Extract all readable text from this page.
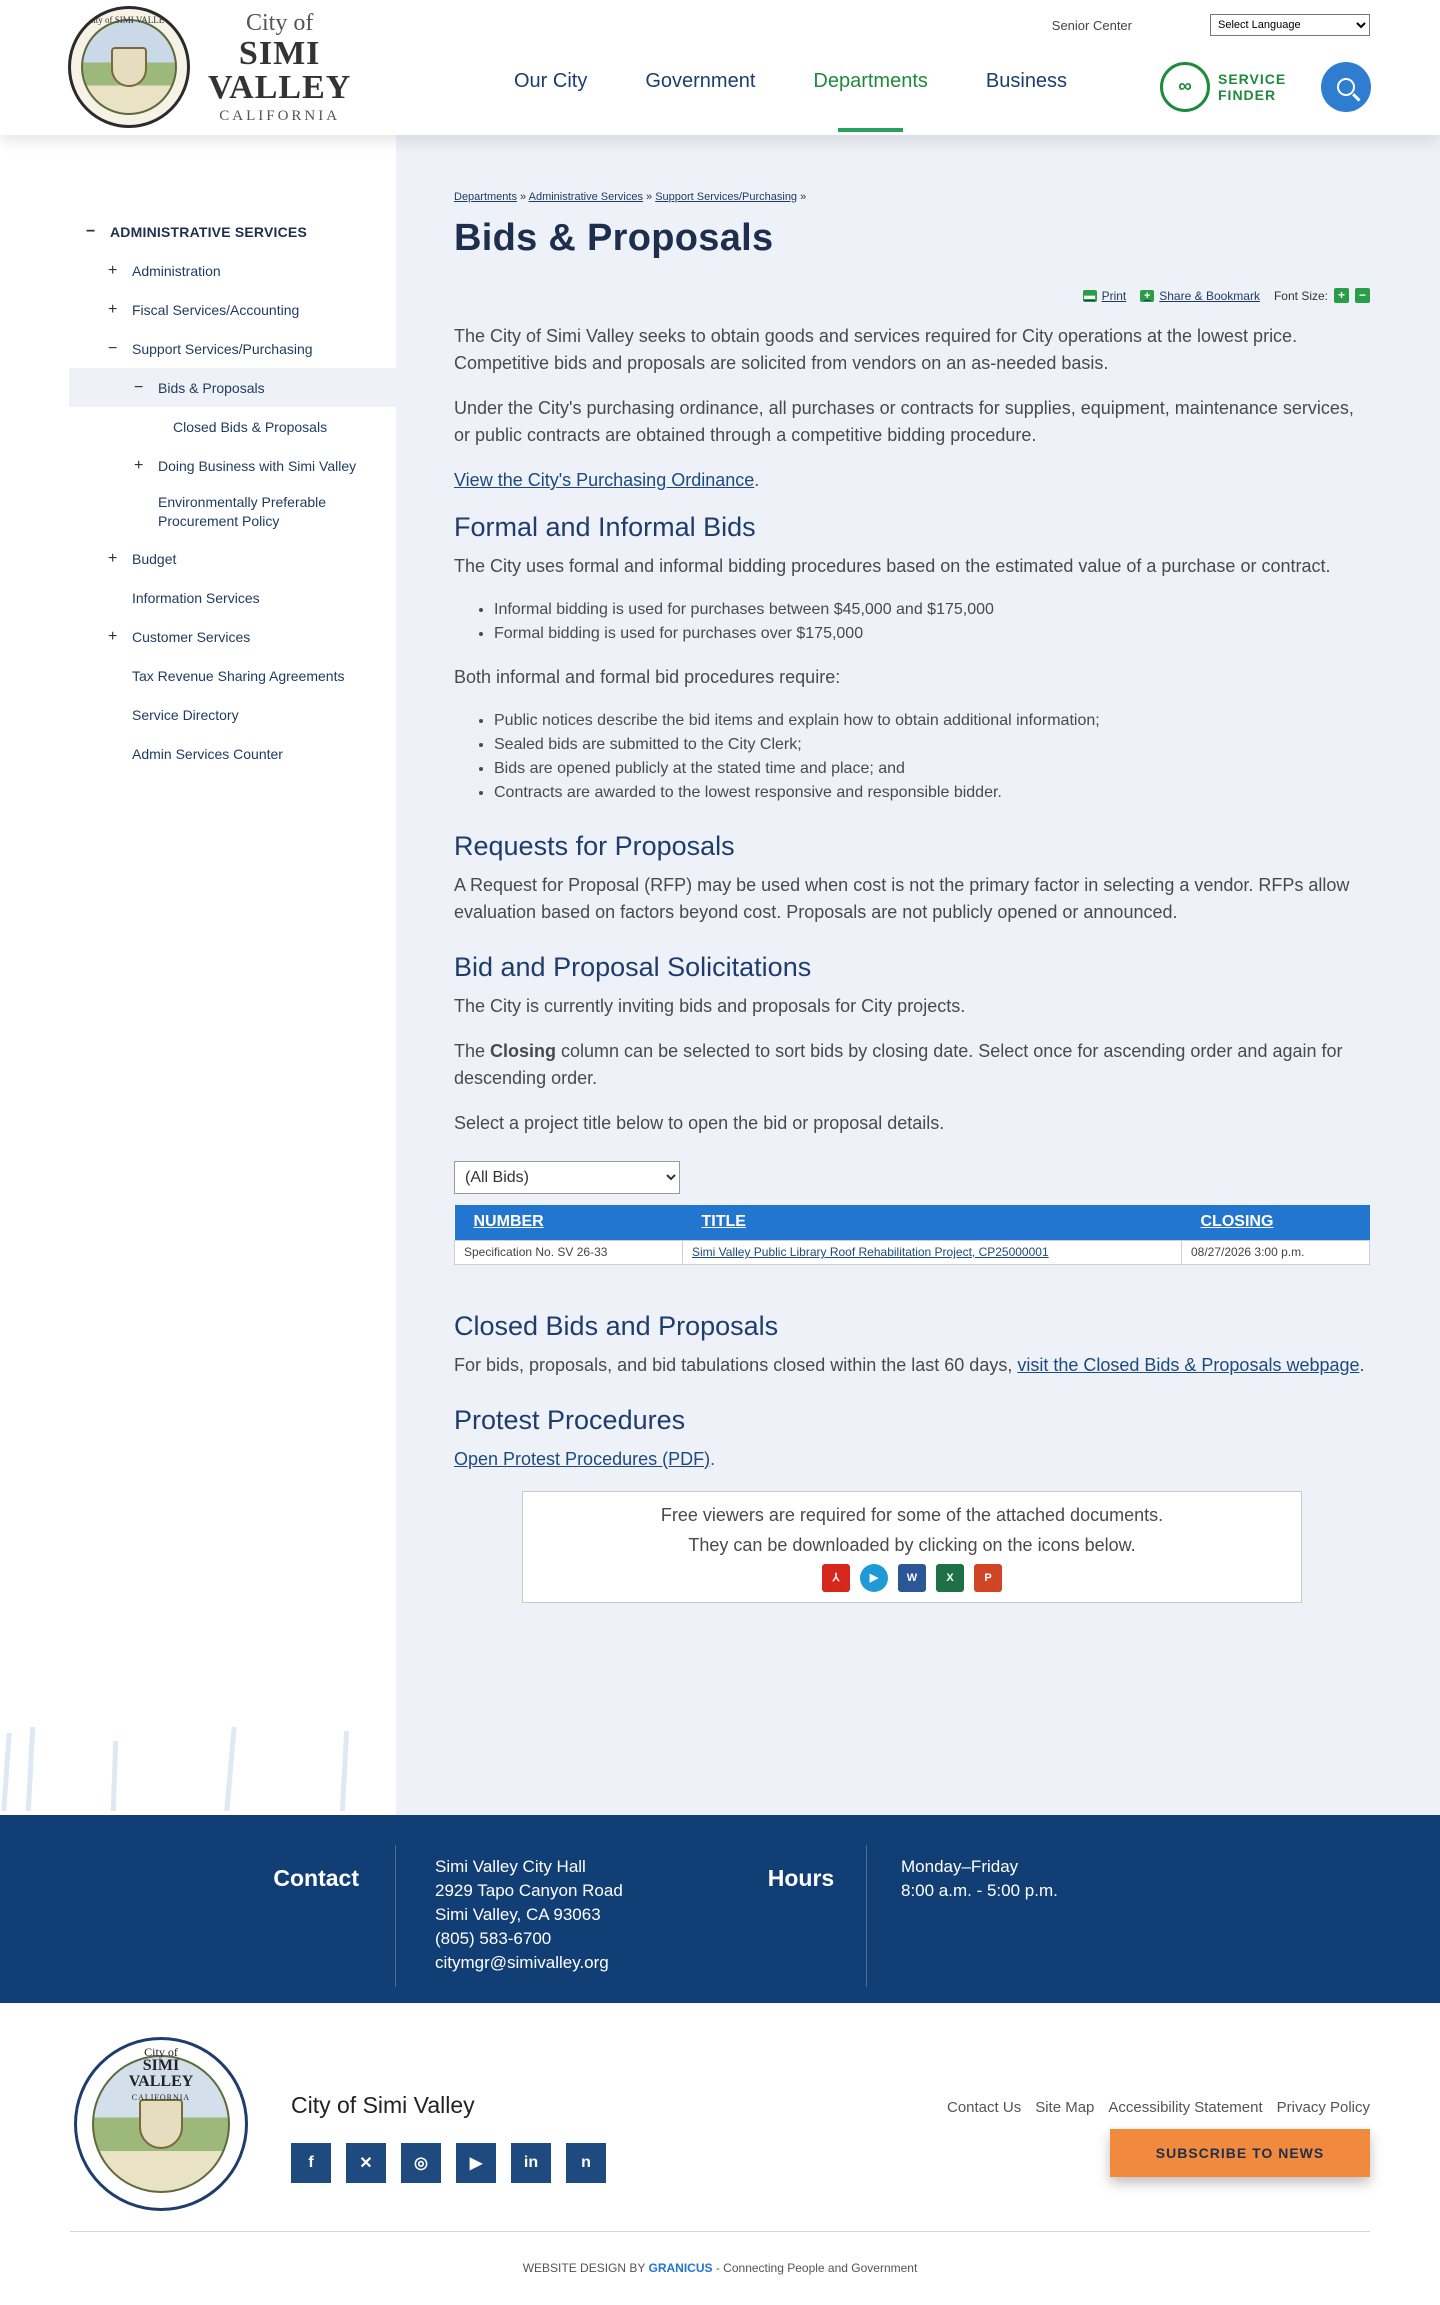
City of SIMI VALLEY	City of
SIMI
VALLEY
CALIFORNIA
Senior Center
Select Language
Our City	Government	Departments	Business	∞	SERVICE
FINDER
−	ADMINISTRATIVE SERVICES
+	Administration
+	Fiscal Services/Accounting
−	Support Services/Purchasing
−	Bids & Proposals
Closed Bids & Proposals
+	Doing Business with Simi Valley
Environmentally Preferable Procurement Policy
+	Budget
Information Services
+	Customer Services
Tax Revenue Sharing Agreements
Service Directory
Admin Services Counter
Departments » Administrative Services » Support Services/Purchasing »
Bids & Proposals
▬ Print	+ Share & Bookmark Font Size: +	−

The City of Simi Valley seeks to obtain goods and services required for City operations at the lowest price. Competitive bids and proposals are solicited from vendors on an as-needed basis.

Under the City's purchasing ordinance, all purchases or contracts for supplies, equipment, maintenance services, or public contracts are obtained through a competitive bidding procedure.

View the City's Purchasing Ordinance.

Formal and Informal Bids

The City uses formal and informal bidding procedures based on the estimated value of a purchase or contract.

• Informal bidding is used for purchases between $45,000 and $175,000
• Formal bidding is used for purchases over $175,000

Both informal and formal bid procedures require:

• Public notices describe the bid items and explain how to obtain additional information;
• Sealed bids are submitted to the City Clerk;
• Bids are opened publicly at the stated time and place; and
• Contracts are awarded to the lowest responsive and responsible bidder.
Requests for Proposals

A Request for Proposal (RFP) may be used when cost is not the primary factor in selecting a vendor. RFPs allow evaluation based on factors beyond cost. Proposals are not publicly opened or announced.

Bid and Proposal Solicitations

The City is currently inviting bids and proposals for City projects.

The Closing column can be selected to sort bids by closing date. Select once for ascending order and again for descending order.

Select a project title below to open the bid or proposal details.

(All Bids)
NUMBER	TITLE	CLOSING
Specification No. SV 26-33	Simi Valley Public Library Roof Rehabilitation Project, CP25000001	08/27/2026 3:00 p.m.
Closed Bids and Proposals

For bids, proposals, and bid tabulations closed within the last 60 days, visit the Closed Bids & Proposals webpage.

Protest Procedures

Open Protest Procedures (PDF).

Free viewers are required for some of the attached documents.

They can be downloaded by clicking on the icons below.

⅄	▶	W	X	P
Contact	Simi Valley City Hall
2929 Tapo Canyon Road
Simi Valley, CA 93063
(805) 583-6700
citymgr@simivalley.org
Hours	Monday–Friday
8:00 a.m. - 5:00 p.m.
City of
SIMI
VALLEY
CALIFORNIA	City of Simi Valley
f	✕	◎	▶	in	n
Contact Us Site Map Accessibility Statement Privacy Policy
SUBSCRIBE TO NEWS
WEBSITE DESIGN BY GRANICUS - Connecting People and Government
